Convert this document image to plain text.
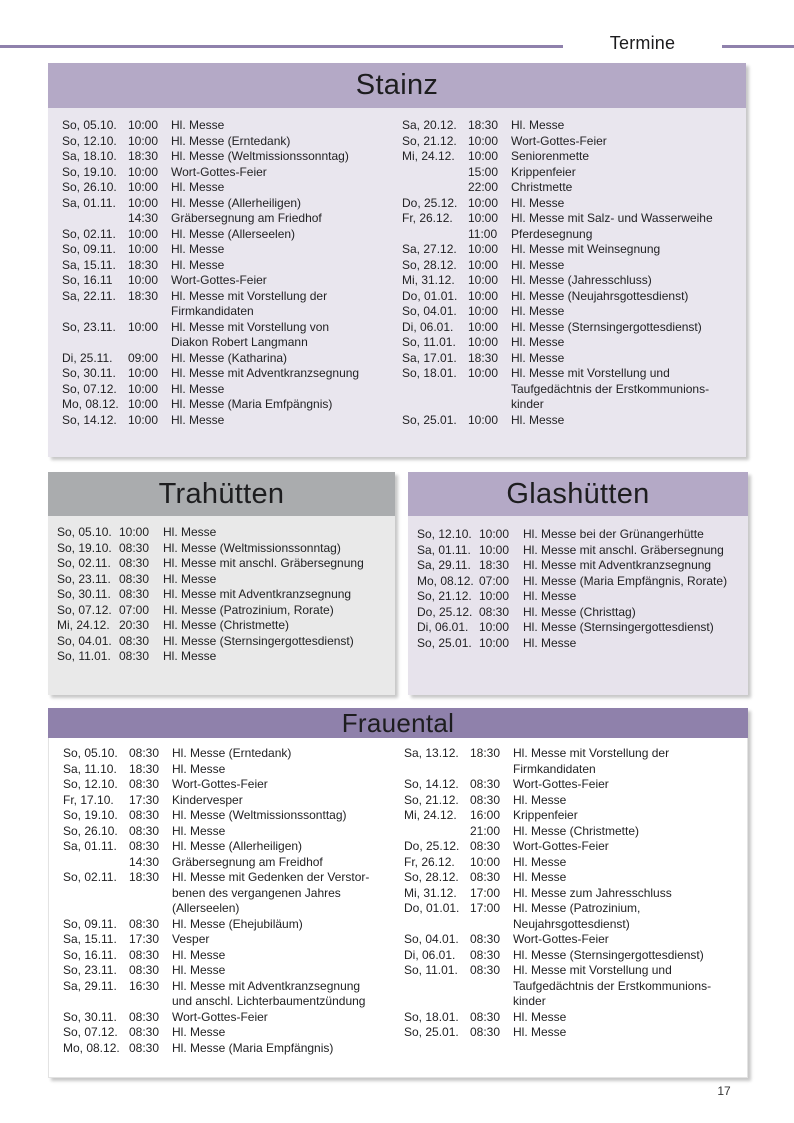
Termine
Stainz
So, 05.10. 10:00	Hl. Messe
So, 12.10. 10:00	Hl. Messe (Erntedank)
Sa, 18.10. 18:30	Hl. Messe (Weltmissionssonntag)
So, 19.10. 10:00	Wort-Gottes-Feier
So, 26.10. 10:00	Hl. Messe
Sa, 01.11.	10:00	Hl. Messe (Allerheiligen)
14:30	Gräbersegnung am Friedhof
So, 02.11.	10:00	Hl. Messe (Allerseelen)
So, 09.11.	10:00	Hl. Messe
Sa, 15.11.	18:30	Hl. Messe
So, 16.11	10:00	Wort-Gottes-Feier
Sa, 22.11.	18:30	Hl. Messe mit Vorstellung der
Firmkandidaten
So, 23.11.	10:00	Hl. Messe mit Vorstellung von
Diakon Robert Langmann
Di, 25.11.	09:00	Hl. Messe (Katharina)
So, 30.11.	10:00	Hl. Messe mit Adventkranzsegnung
So, 07.12. 10:00	Hl. Messe
Mo, 08.12. 10:00	Hl. Messe (Maria Emfpängnis)
So, 14.12. 10:00	Hl. Messe
Sa, 20.12. 18:30	Hl. Messe
So, 21.12. 10:00	Wort-Gottes-Feier
Mi, 24.12.	10:00	Seniorenmette
15:00	Krippenfeier
22:00	Christmette
Do, 25.12. 10:00	Hl. Messe
Fr, 26.12.	10:00	Hl. Messe mit Salz- und Wasserweihe
11:00	Pferdesegnung
Sa, 27.12. 10:00	Hl. Messe mit Weinsegnung
So, 28.12. 10:00	Hl. Messe
Mi, 31.12.	10:00	Hl. Messe (Jahresschluss)
Do, 01.01. 10:00	Hl. Messe (Neujahrsgottesdienst)
So, 04.01. 10:00	Hl. Messe
Di, 06.01.	10:00	Hl. Messe (Sternsingergottesdienst)
So, 11.01.	10:00	Hl. Messe
Sa, 17.01. 18:30	Hl. Messe
So, 18.01. 10:00	Hl. Messe mit Vorstellung und
Taufgedächtnis der Erstkommunions-
kinder
So, 25.01. 10:00	Hl. Messe
Trahütten
So, 05.10. 10:00	Hl. Messe
So, 19.10. 08:30	Hl. Messe (Weltmissionssonntag)
So, 02.11. 08:30	Hl. Messe mit anschl. Gräbersegnung
So, 23.11. 08:30	Hl. Messe
So, 30.11. 08:30	Hl. Messe mit Adventkranzsegnung
So, 07.12. 07:00	Hl. Messe (Patrozinium, Rorate)
Mi, 24.12. 20:30	Hl. Messe (Christmette)
So, 04.01. 08:30	Hl. Messe (Sternsingergottesdienst)
So, 11.01. 08:30	Hl. Messe
Glashütten
So, 12.10. 10:00	Hl. Messe bei der Grünangerhütte
Sa, 01.11. 10:00	Hl. Messe mit anschl. Gräbersegnung
Sa, 29.11. 18:30	Hl. Messe mit Adventkranzsegnung
Mo, 08.12. 07:00	Hl. Messe (Maria Empfängnis, Rorate)
So, 21.12. 10:00	Hl. Messe
Do, 25.12. 08:30	Hl. Messe (Christtag)
Di, 06.01. 10:00	Hl. Messe (Sternsingergottesdienst)
So, 25.01. 10:00	Hl. Messe
Frauental
So, 05.10. 08:30	Hl. Messe (Erntedank)
Sa, 11.10.	18:30	Hl. Messe
So, 12.10. 08:30	Wort-Gottes-Feier
Fr, 17.10.	17:30	Kindervesper
So, 19.10. 08:30	Hl. Messe (Weltmissionssonttag)
So, 26.10. 08:30	Hl. Messe
Sa, 01.11.	08:30	Hl. Messe (Allerheiligen)
14:30	Gräbersegnung am Freidhof
So, 02.11.	18:30	Hl. Messe mit Gedenken der Verstor-
benen des vergangenen Jahres
(Allerseelen)
So, 09.11.	08:30	Hl. Messe (Ehejubiläum)
Sa, 15.11.	17:30	Vesper
So, 16.11.	08:30	Hl. Messe
So, 23.11.	08:30	Hl. Messe
Sa, 29.11.	16:30	Hl. Messe mit Adventkranzsegnung
und anschl. Lichterbaumentzündung
So, 30.11.	08:30	Wort-Gottes-Feier
So, 07.12. 08:30	Hl. Messe
Mo, 08.12. 08:30	Hl. Messe (Maria Empfängnis)
Sa, 13.12. 18:30	Hl. Messe mit Vorstellung der
Firmkandidaten
So, 14.12. 08:30	Wort-Gottes-Feier
So, 21.12. 08:30	Hl. Messe
Mi, 24.12.	16:00	Krippenfeier
21:00	Hl. Messe (Christmette)
Do, 25.12. 08:30	Wort-Gottes-Feier
Fr, 26.12.	10:00	Hl. Messe
So, 28.12. 08:30	Hl. Messe
Mi, 31.12.	17:00	Hl. Messe zum Jahresschluss
Do, 01.01. 17:00	Hl. Messe (Patrozinium,
Neujahrsgottesdienst)
So, 04.01. 08:30	Wort-Gottes-Feier
Di, 06.01.	08:30	Hl. Messe (Sternsingergottesdienst)
So, 11.01.	08:30	Hl. Messe mit Vorstellung und
Taufgedächtnis der Erstkommunions-
kinder
So, 18.01. 08:30	Hl. Messe
So, 25.01. 08:30	Hl. Messe
17
